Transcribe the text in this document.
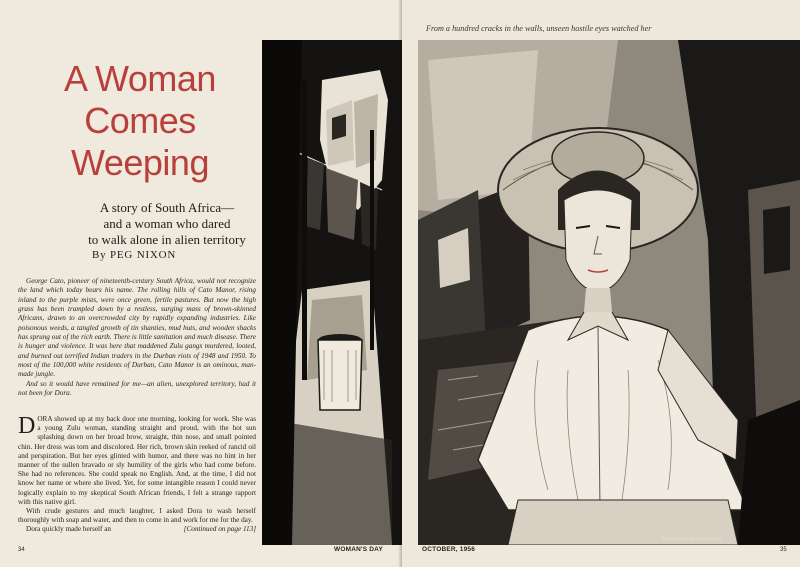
A Woman
Comes
Weeping
A story of South Africa—
and a woman who dared
to walk alone in alien territory
By PEG NIXON

George Cato, pioneer of nineteenth-century South Africa, would not recognize the land which today bears his name. The rolling hills of Cato Manor, rising inland to the purple mists, were once green, fertile pastures. But now the high grass has been trampled down by a restless, surging mass of brown-skinned Africans, drawn to an overcrowded city by rapidly expanding industries. Like poisonous weeds, a tangled growth of tin shanties, mud huts, and wooden shacks has sprung out of the rich earth. There is little sanitation and much disease. There is hunger and violence. It was here that maddened Zulu gangs murdered, looted, and burned out terrified Indian traders in the Durban riots of 1948 and 1950. To most of the 100,000 white residents of Durban, Cato Manor is an ominous, man-made jungle.

And so it would have remained for me—an alien, unexplored territory, had it not been for Dora.

DORA showed up at my back door one morning, looking for work. She was a young Zulu woman, standing straight and proud, with the hot sun splashing down on her broad brow, straight, thin nose, and small pointed chin. Her dress was torn and discolored. Her rich, brown skin reeked of rancid oil and perspiration. But her eyes glinted with humor, and there was no hint in her manner of the sullen bravado or sly humility of the girls who had come before. She had no references. She could speak no English. And, at the time, I did not know her name or where she lived. Yet, for some intangible reason I could never logically explain to my skeptical South African friends, I felt a strange rapport with this native girl.

With crude gestures and much laughter, I asked Dora to wash herself thoroughly with soap and water, and then to come in and work for me for the day.

Dora quickly made herself an	[Continued on page 113]

34	WOMAN'S DAY
From a hundred cracks in the walls, unseen hostile eyes watched her
Illustration by George Hughes
OCTOBER, 1956	35
